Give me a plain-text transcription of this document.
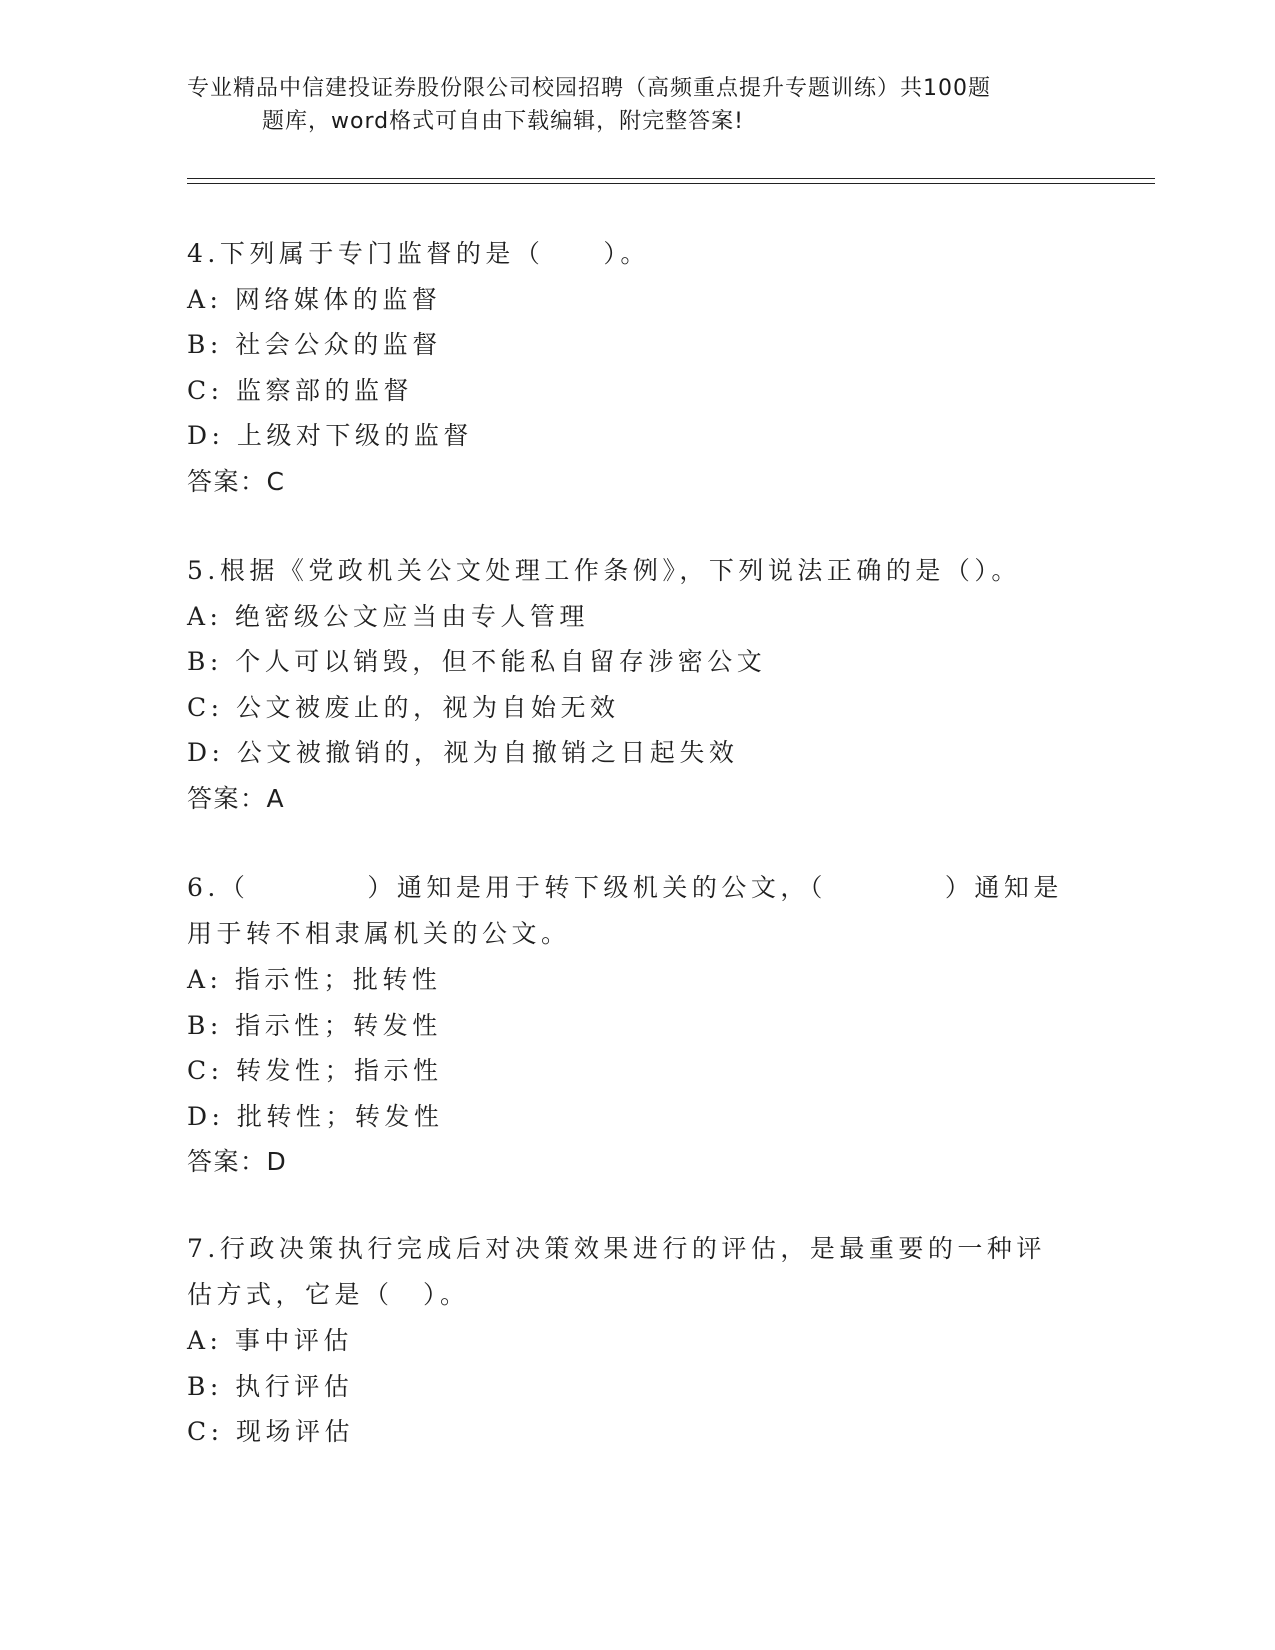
专业精品中信建投证券股份限公司校园招聘（高频重点提升专题训练）共100题
题库，word格式可自由下载编辑，附完整答案!
4.下列属于专门监督的是（　　）。
A: 网络媒体的监督
B: 社会公众的监督
C: 监察部的监督
D: 上级对下级的监督
答案：C
5.根据《党政机关公文处理工作条例》，下列说法正确的是（）。
A: 绝密级公文应当由专人管理
B: 个人可以销毁，但不能私自留存涉密公文
C: 公文被废止的，视为自始无效
D: 公文被撤销的，视为自撤销之日起失效
答案：A
6.（　　　　）通知是用于转下级机关的公文，（　　　　）通知是用于转不相隶属机关的公文。
A: 指示性；批转性
B: 指示性；转发性
C: 转发性；指示性
D: 批转性；转发性
答案：D
7.行政决策执行完成后对决策效果进行的评估，是最重要的一种评估方式，它是（　）。
A: 事中评估
B: 执行评估
C: 现场评估
